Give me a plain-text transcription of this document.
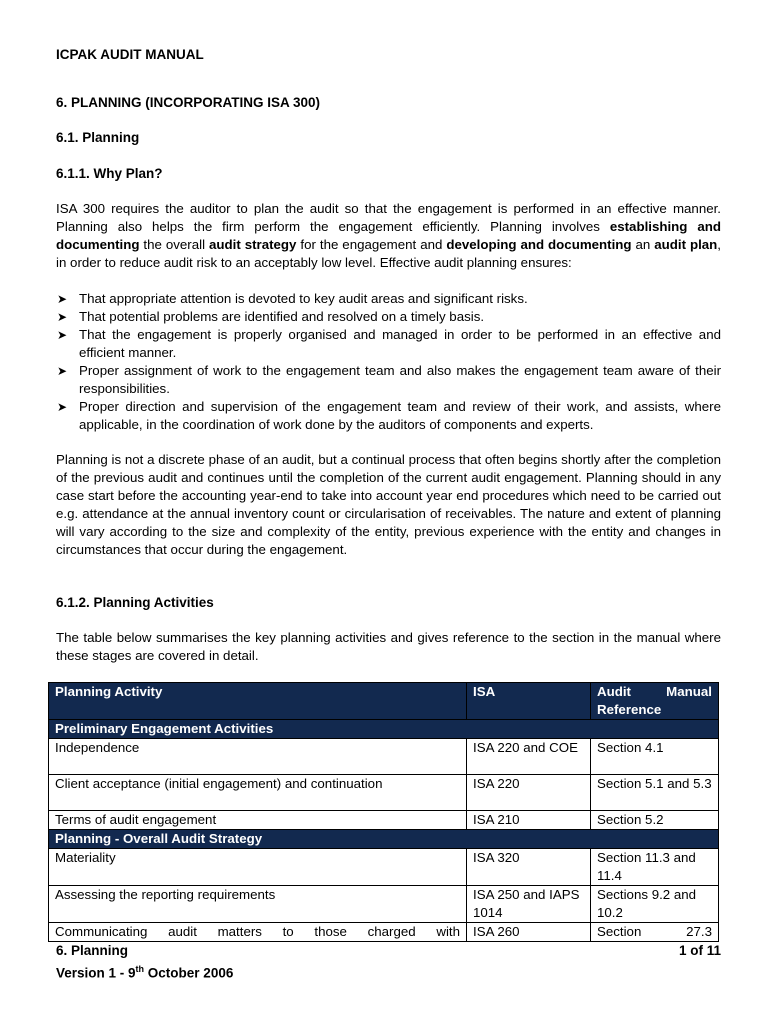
ICPAK AUDIT MANUAL
6. PLANNING (INCORPORATING ISA 300)
6.1. Planning
6.1.1. Why Plan?
ISA 300 requires the auditor to plan the audit so that the engagement is performed in an effective manner. Planning also helps the firm perform the engagement efficiently. Planning involves establishing and documenting the overall audit strategy for the engagement and developing and documenting an audit plan, in order to reduce audit risk to an acceptably low level. Effective audit planning ensures:
➤ That appropriate attention is devoted to key audit areas and significant risks.
➤ That potential problems are identified and resolved on a timely basis.
➤ That the engagement is properly organised and managed in order to be performed in an effective and efficient manner.
➤ Proper assignment of work to the engagement team and also makes the engagement team aware of their responsibilities.
➤ Proper direction and supervision of the engagement team and review of their work, and assists, where applicable, in the coordination of work done by the auditors of components and experts.
Planning is not a discrete phase of an audit, but a continual process that often begins shortly after the completion of the previous audit and continues until the completion of the current audit engagement. Planning should in any case start before the accounting year-end to take into account year end procedures which need to be carried out e.g. attendance at the annual inventory count or circularisation of receivables. The nature and extent of planning will vary according to the size and complexity of the entity, previous experience with the entity and changes in circumstances that occur during the engagement.
6.1.2. Planning Activities
The table below summarises the key planning activities and gives reference to the section in the manual where these stages are covered in detail.
Planning Activity	ISA	Audit Manual Reference

Preliminary Engagement Activities		
Independence	ISA 220 and COE	Section 4.1
Client acceptance (initial engagement) and continuation	ISA 220	Section 5.1 and 5.3
Terms of audit engagement	ISA 210	Section 5.2
Planning - Overall Audit Strategy		
Materiality	ISA 320	Section 11.3 and 11.4
Assessing the reporting requirements	ISA 250 and IAPS 1014	Sections 9.2 and 10.2

Communicating audit matters to those charged with	ISA 260	Section 27.3
6. Planning	1 of 11
Version 1 - 9th October 2006
